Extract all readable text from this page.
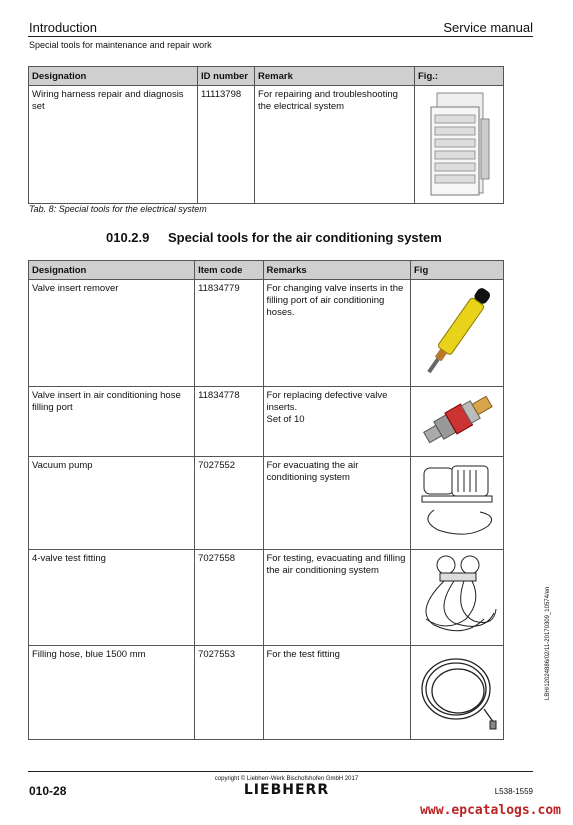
Introduction	Service manual
Special tools for maintenance and repair work
Designation	ID number	Remark	Fig.:
Wiring harness repair and diagnosis set	11113798	For repairing and troubleshooting the electrical system	
Tab. 8: Special tools for the electrical system
010.2.9 Special tools for the air conditioning system
Designation	Item code	Remarks	Fig
Valve insert remover	11834779	For changing valve inserts in the filling port of air conditioning hoses.	

Valve insert in air conditioning hose filling port	11834778	For replacing defective valve inserts.
Set of 10	

Vacuum pump	7027552	For evacuating the air conditioning system	

4-valve test fitting	7027558	For testing, evacuating and filling the air conditioning system	

Filling hose, blue 1500 mm	7027553	For the test fitting		LBH/12024886/02/11-20170309_10574/en
copyright © Liebherr-Werk Bischofshofen GmbH 2017
010-28	LIEBHERR	L538-1559
www.epcatalogs.com
